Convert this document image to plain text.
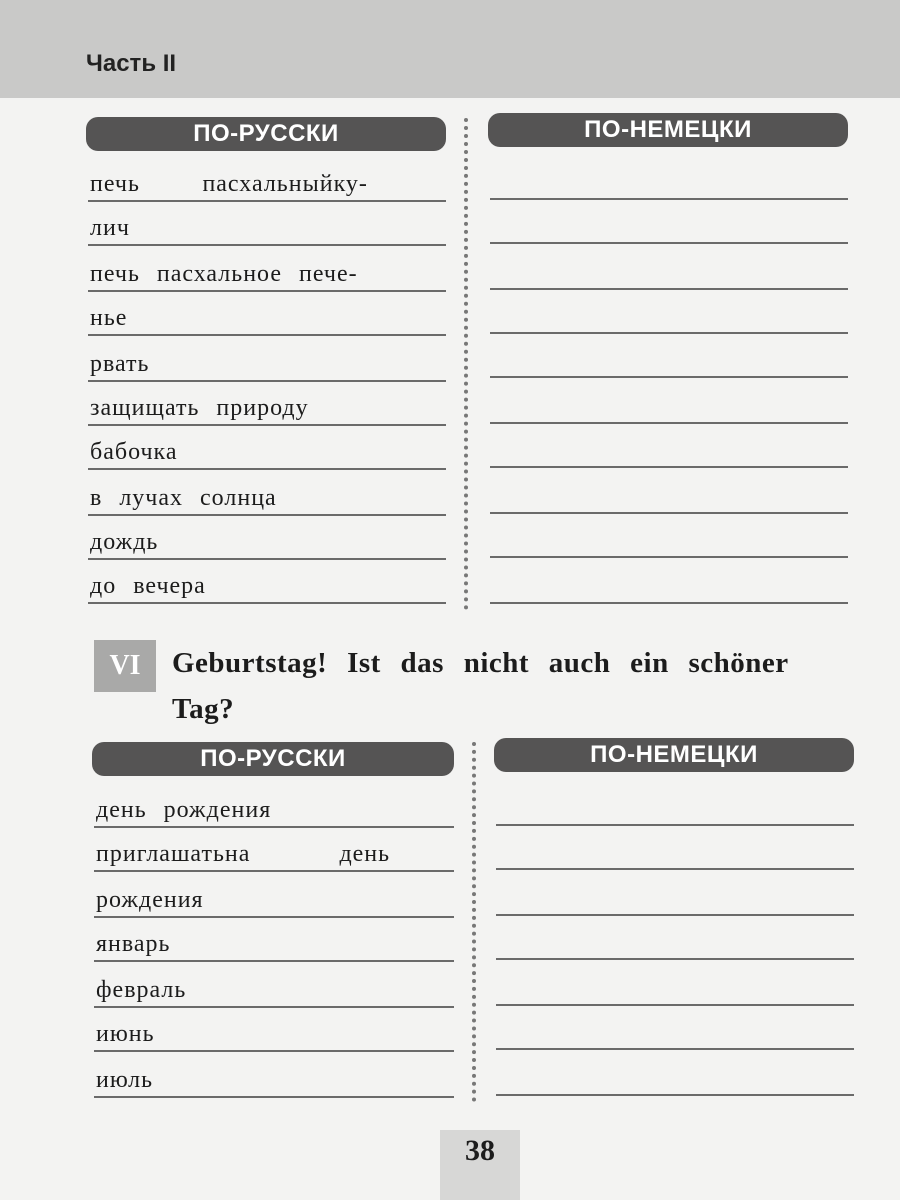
Часть II
ПО-РУССКИ	ПО-НЕМЕЦКИ
печь	пасхальный ку-
лич
печь пасхальное пече-
нье
рвать
защищать природу
бабочка
в лучах солнца
дождь
до вечера
VI	Geburtstag! Ist das nicht auch ein schöner Tag?
ПО-РУССКИ	ПО-НЕМЕЦКИ
день рождения
приглашать на	день
рождения
январь
февраль
июнь
июль
38
